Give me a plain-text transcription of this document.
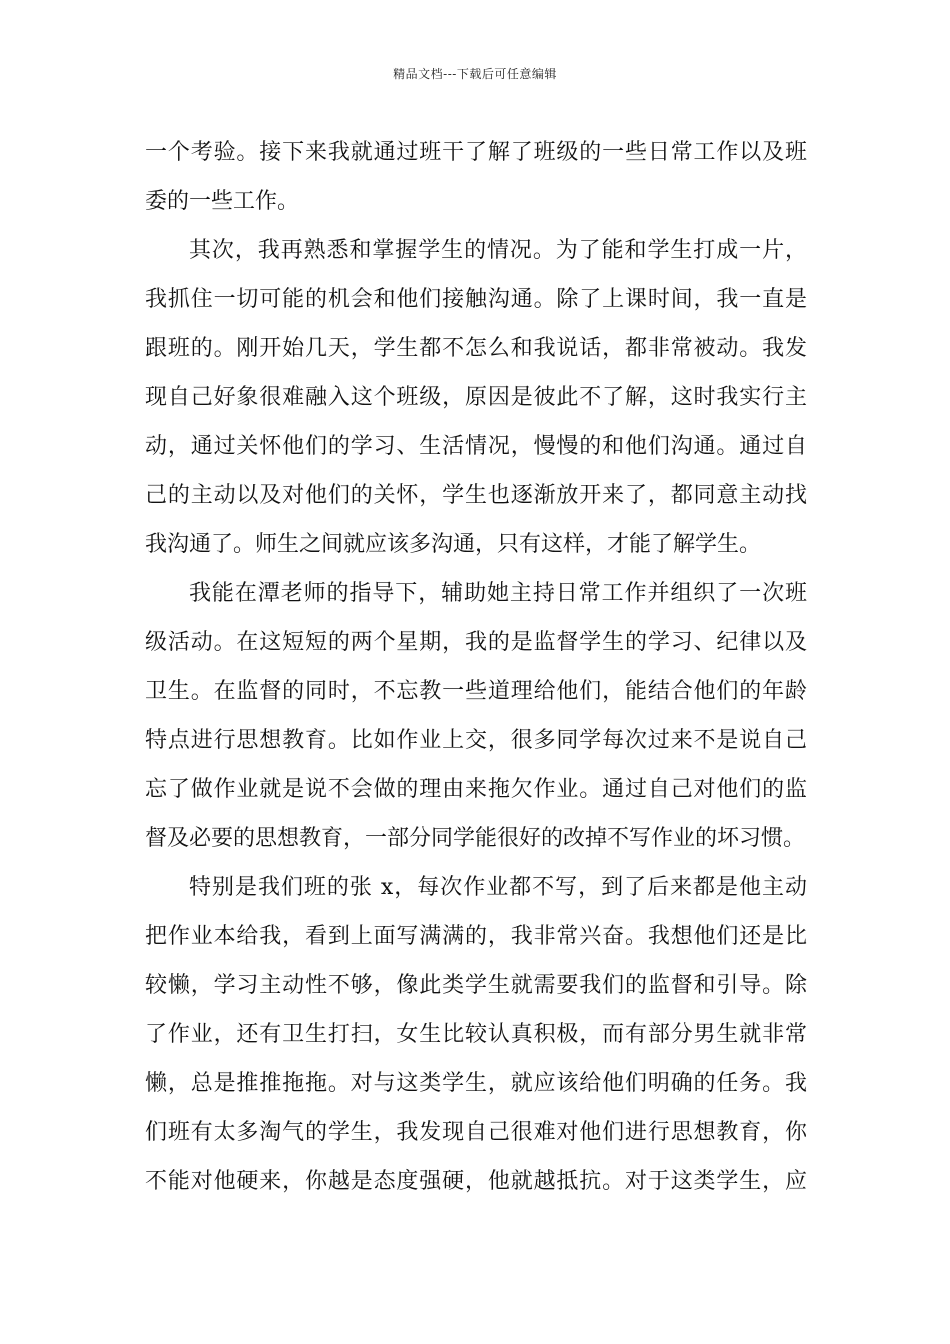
精品文档---下载后可任意编辑
一个考验。接下来我就通过班干了解了班级的一些日常工作以及班
委的一些工作。
其次，我再熟悉和掌握学生的情况。为了能和学生打成一片，
我抓住一切可能的机会和他们接触沟通。除了上课时间，我一直是
跟班的。刚开始几天，学生都不怎么和我说话，都非常被动。我发
现自己好象很难融入这个班级，原因是彼此不了解，这时我实行主
动，通过关怀他们的学习、生活情况，慢慢的和他们沟通。通过自
己的主动以及对他们的关怀，学生也逐渐放开来了，都同意主动找
我沟通了。师生之间就应该多沟通，只有这样，才能了解学生。
我能在潭老师的指导下，辅助她主持日常工作并组织了一次班
级活动。在这短短的两个星期，我的是监督学生的学习、纪律以及
卫生。在监督的同时，不忘教一些道理给他们，能结合他们的年龄
特点进行思想教育。比如作业上交，很多同学每次过来不是说自己
忘了做作业就是说不会做的理由来拖欠作业。通过自己对他们的监
督及必要的思想教育，一部分同学能很好的改掉不写作业的坏习惯。
特别是我们班的张 x，每次作业都不写，到了后来都是他主动
把作业本给我，看到上面写满满的，我非常兴奋。我想他们还是比
较懒，学习主动性不够，像此类学生就需要我们的监督和引导。除
了作业，还有卫生打扫，女生比较认真积极，而有部分男生就非常
懒，总是推推拖拖。对与这类学生，就应该给他们明确的任务。我
们班有太多淘气的学生，我发现自己很难对他们进行思想教育，你
不能对他硬来，你越是态度强硬，他就越抵抗。对于这类学生，应
